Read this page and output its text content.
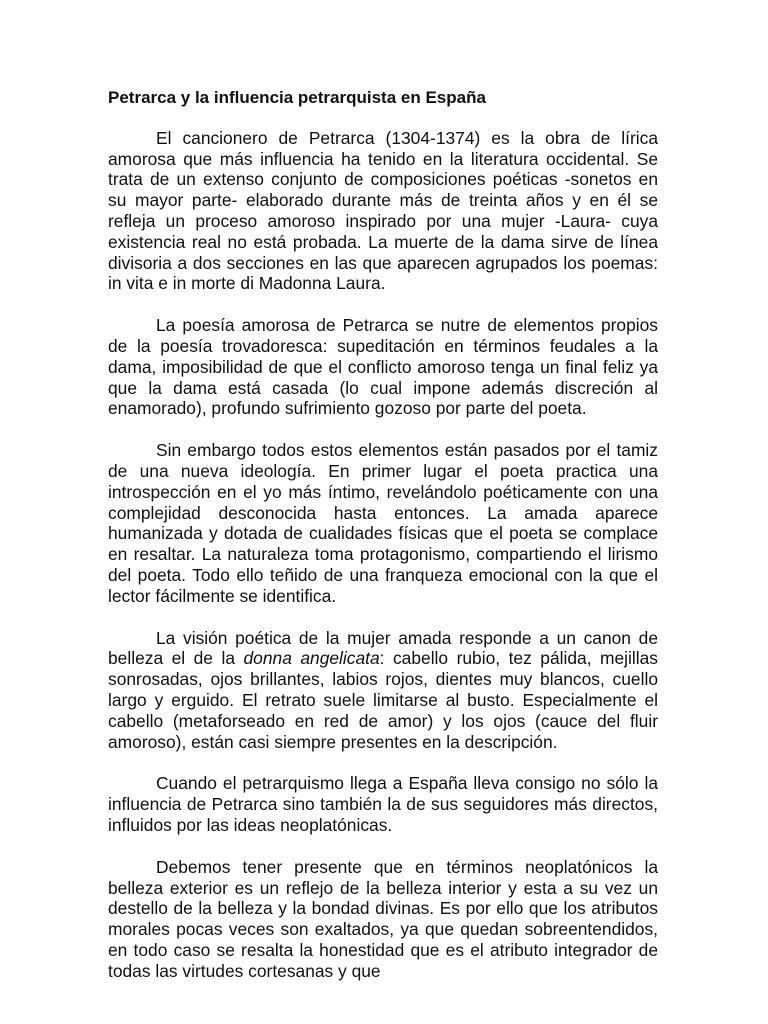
Petrarca y la influencia petrarquista en España

El cancionero de Petrarca (1304-1374) es la obra de lírica amorosa que más influencia ha tenido en la literatura occidental. Se trata de un extenso conjunto de composiciones poéticas -sonetos en su mayor parte- elaborado durante más de treinta años y en él se refleja un proceso amoroso inspirado por una mujer -Laura- cuya existencia real no está probada. La muerte de la dama sirve de línea divisoria a dos secciones en las que aparecen agrupados los poemas: in vita e in morte di Madonna Laura.

La poesía amorosa de Petrarca se nutre de elementos propios de la poesía trovadoresca: supeditación en términos feudales a la dama, imposibilidad de que el conflicto amoroso tenga un final feliz ya que la dama está casada (lo cual impone además discreción al enamorado), profundo sufrimiento gozoso por parte del poeta.

Sin embargo todos estos elementos están pasados por el tamiz de una nueva ideología. En primer lugar el poeta practica una introspección en el yo más íntimo, revelándolo poéticamente con una complejidad desconocida hasta entonces. La amada aparece humanizada y dotada de cualidades físicas que el poeta se complace en resaltar. La naturaleza toma protagonismo, compartiendo el lirismo del poeta. Todo ello teñido de una franqueza emocional con la que el lector fácilmente se identifica.

La visión poética de la mujer amada responde a un canon de belleza el de la donna angelicata: cabello rubio, tez pálida, mejillas sonrosadas, ojos brillantes, labios rojos, dientes muy blancos, cuello largo y erguido. El retrato suele limitarse al busto. Especialmente el cabello (metaforseado en red de amor) y los ojos (cauce del fluir amoroso), están casi siempre presentes en la descripción.

Cuando el petrarquismo llega a España lleva consigo no sólo la influencia de Petrarca sino también la de sus seguidores más directos, influidos por las ideas neoplatónicas.

Debemos tener presente que en términos neoplatónicos la belleza exterior es un reflejo de la belleza interior y esta a su vez un destello de la belleza y la bondad divinas. Es por ello que los atributos morales pocas veces son exaltados, ya que quedan sobreentendidos, en todo caso se resalta la honestidad que es el atributo integrador de todas las virtudes cortesanas y que
